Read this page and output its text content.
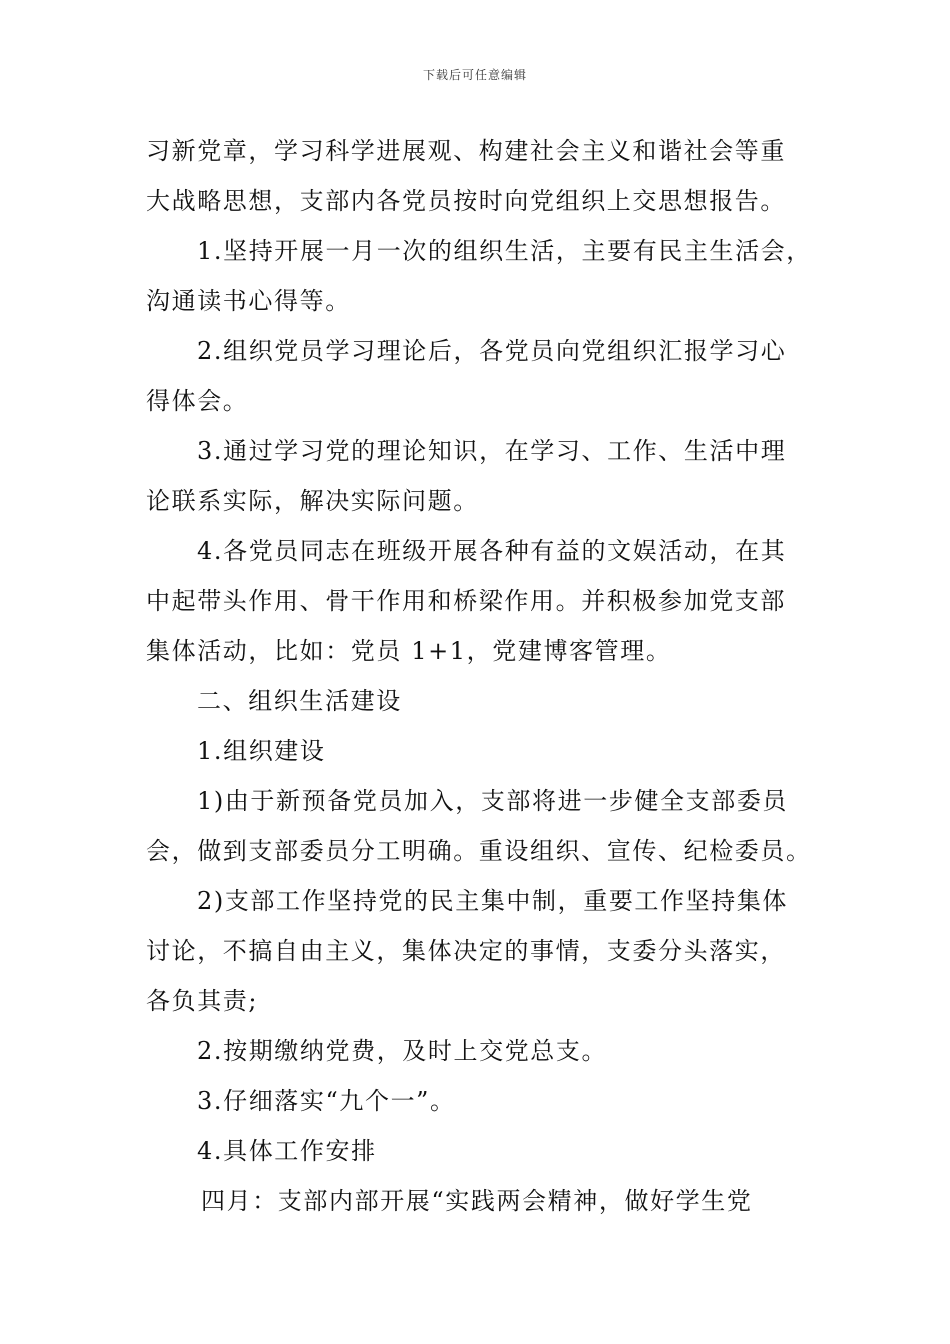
下载后可任意编辑

习新党章，学习科学进展观、构建社会主义和谐社会等重

大战略思想，支部内各党员按时向党组织上交思想报告。

1.坚持开展一月一次的组织生活，主要有民主生活会，

沟通读书心得等。

2.组织党员学习理论后，各党员向党组织汇报学习心

得体会。

3.通过学习党的理论知识，在学习、工作、生活中理

论联系实际，解决实际问题。

4.各党员同志在班级开展各种有益的文娱活动，在其

中起带头作用、骨干作用和桥梁作用。并积极参加党支部

集体活动，比如：党员 1+1，党建博客管理。

二、组织生活建设

1.组织建设

1)由于新预备党员加入，支部将进一步健全支部委员

会，做到支部委员分工明确。重设组织、宣传、纪检委员。

2)支部工作坚持党的民主集中制，重要工作坚持集体

讨论，不搞自由主义，集体决定的事情，支委分头落实，

各负其责;

2.按期缴纳党费，及时上交党总支。

3.仔细落实“九个一”。

4.具体工作安排

四月：支部内部开展“实践两会精神，做好学生党
